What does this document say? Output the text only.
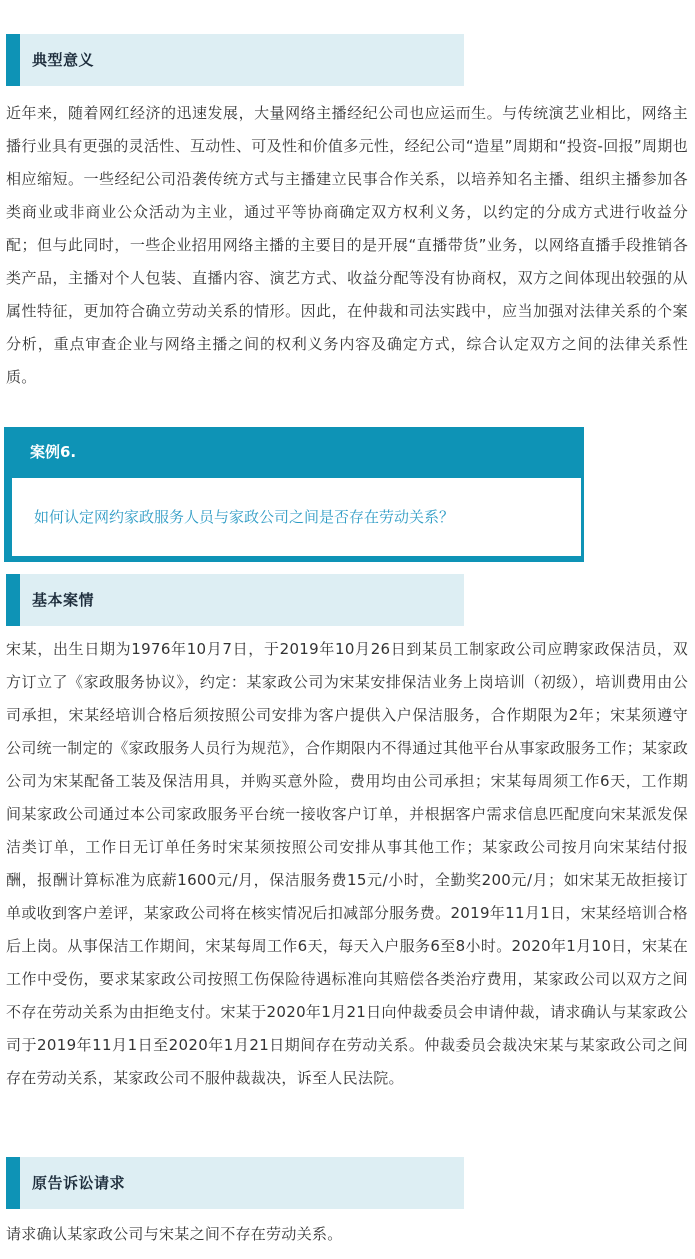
典型意义

近年来，随着网红经济的迅速发展，大量网络主播经纪公司也应运而生。与传统演艺业相比，网络主播行业具有更强的灵活性、互动性、可及性和价值多元性，经纪公司“造星”周期和“投资-回报”周期也相应缩短。一些经纪公司沿袭传统方式与主播建立民事合作关系，以培养知名主播、组织主播参加各类商业或非商业公众活动为主业，通过平等协商确定双方权利义务，以约定的分成方式进行收益分配；但与此同时，一些企业招用网络主播的主要目的是开展“直播带货”业务，以网络直播手段推销各类产品，主播对个人包装、直播内容、演艺方式、收益分配等没有协商权，双方之间体现出较强的从属性特征，更加符合确立劳动关系的情形。因此，在仲裁和司法实践中，应当加强对法律关系的个案分析，重点审查企业与网络主播之间的权利义务内容及确定方式，综合认定双方之间的法律关系性质。

案例6.
如何认定网约家政服务人员与家政公司之间是否存在劳动关系？
基本案情

宋某，出生日期为1976年10月7日，于2019年10月26日到某员工制家政公司应聘家政保洁员，双方订立了《家政服务协议》，约定：某家政公司为宋某安排保洁业务上岗培训（初级），培训费用由公司承担，宋某经培训合格后须按照公司安排为客户提供入户保洁服务，合作期限为2年；宋某须遵守公司统一制定的《家政服务人员行为规范》，合作期限内不得通过其他平台从事家政服务工作；某家政公司为宋某配备工装及保洁用具，并购买意外险，费用均由公司承担；宋某每周须工作6天，工作期间某家政公司通过本公司家政服务平台统一接收客户订单，并根据客户需求信息匹配度向宋某派发保洁类订单，工作日无订单任务时宋某须按照公司安排从事其他工作；某家政公司按月向宋某结付报酬，报酬计算标准为底薪1600元/月，保洁服务费15元/小时，全勤奖200元/月；如宋某无故拒接订单或收到客户差评，某家政公司将在核实情况后扣减部分服务费。2019年11月1日，宋某经培训合格后上岗。从事保洁工作期间，宋某每周工作6天，每天入户服务6至8小时。2020年1月10日，宋某在工作中受伤，要求某家政公司按照工伤保险待遇标准向其赔偿各类治疗费用，某家政公司以双方之间不存在劳动关系为由拒绝支付。宋某于2020年1月21日向仲裁委员会申请仲裁，请求确认与某家政公司于2019年11月1日至2020年1月21日期间存在劳动关系。仲裁委员会裁决宋某与某家政公司之间存在劳动关系，某家政公司不服仲裁裁决，诉至人民法院。

原告诉讼请求

请求确认某家政公司与宋某之间不存在劳动关系。
